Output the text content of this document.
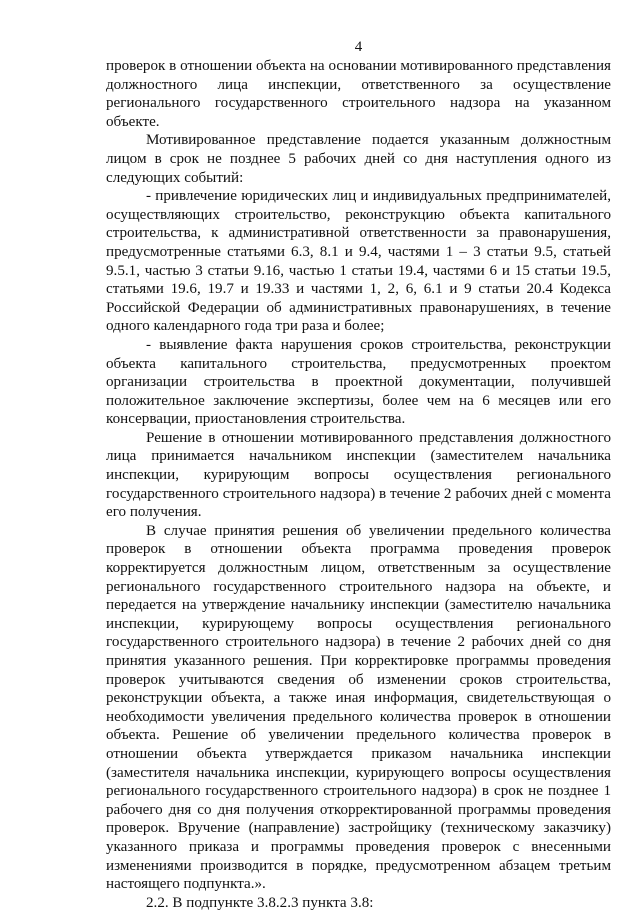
4

проверок в отношении объекта на основании мотивированного представления должностного лица инспекции, ответственного за осуществление регионального государственного строительного надзора на указанном объекте.

Мотивированное представление подается указанным должностным лицом в срок не позднее 5 рабочих дней со дня наступления одного из следующих событий:

- привлечение юридических лиц и индивидуальных предпринимателей, осуществляющих строительство, реконструкцию объекта капитального строительства, к административной ответственности за правонарушения, предусмотренные статьями 6.3, 8.1 и 9.4, частями 1 – 3 статьи 9.5, статьей 9.5.1, частью 3 статьи 9.16, частью 1 статьи 19.4, частями 6 и 15 статьи 19.5, статьями 19.6, 19.7 и 19.33 и частями 1, 2, 6, 6.1 и 9 статьи 20.4 Кодекса Российской Федерации об административных правонарушениях, в течение одного календарного года три раза и более;

- выявление факта нарушения сроков строительства, реконструкции объекта капитального строительства, предусмотренных проектом организации строительства в проектной документации, получившей положительное заключение экспертизы, более чем на 6 месяцев или его консервации, приостановления строительства.

Решение в отношении мотивированного представления должностного лица принимается начальником инспекции (заместителем начальника инспекции, курирующим вопросы осуществления регионального государственного строительного надзора) в течение 2 рабочих дней с момента его получения.

В случае принятия решения об увеличении предельного количества проверок в отношении объекта программа проведения проверок корректируется должностным лицом, ответственным за осуществление регионального государственного строительного надзора на объекте, и передается на утверждение начальнику инспекции (заместителю начальника инспекции, курирующему вопросы осуществления регионального государственного строительного надзора) в течение 2 рабочих дней со дня принятия указанного решения. При корректировке программы проведения проверок учитываются сведения об изменении сроков строительства, реконструкции объекта, а также иная информация, свидетельствующая о необходимости увеличения предельного количества проверок в отношении объекта. Решение об увеличении предельного количества проверок в отношении объекта утверждается приказом начальника инспекции (заместителя начальника инспекции, курирующего вопросы осуществления регионального государственного строительного надзора) в срок не позднее 1 рабочего дня со дня получения откорректированной программы проведения проверок. Вручение (направление) застройщику (техническому заказчику) указанного приказа и программы проведения проверок с внесенными изменениями производится в порядке, предусмотренном абзацем третьим настоящего подпункта.».

2.2. В подпункте 3.8.2.3 пункта 3.8:
